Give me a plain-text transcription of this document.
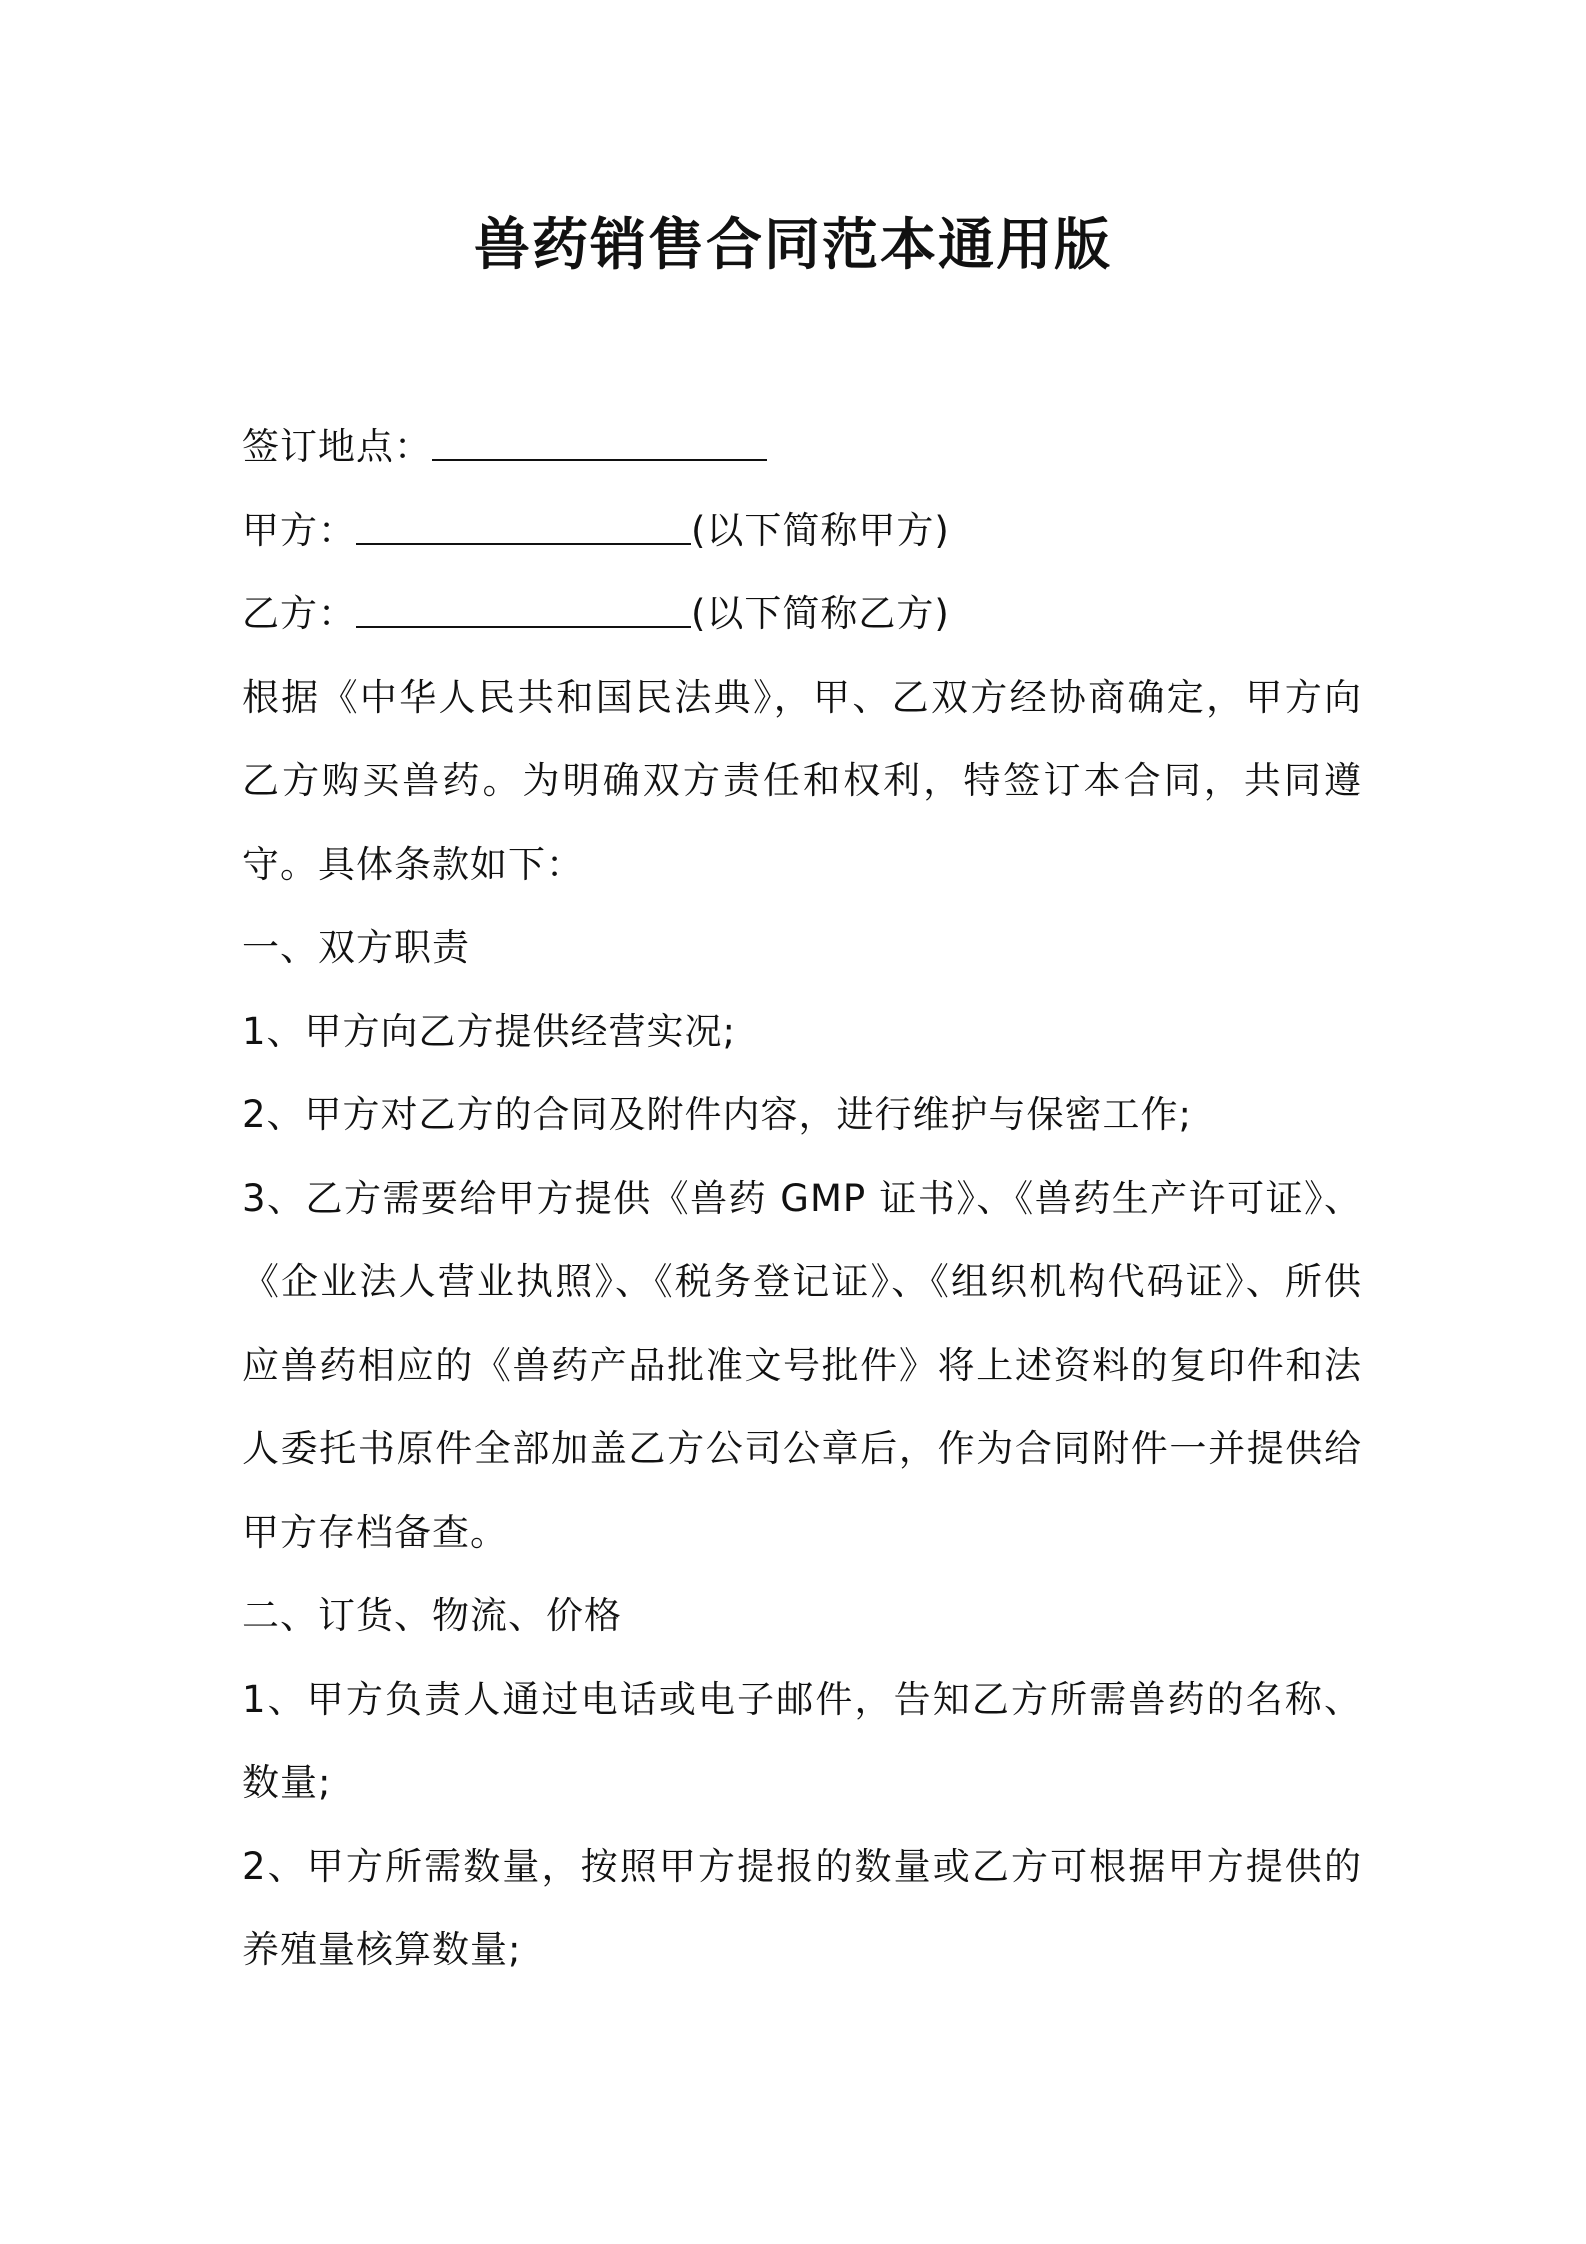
兽药销售合同范本通用版

签订地点：

甲方：	(以下简称甲方)

乙方：	(以下简称乙方)

根据《中华人民共和国民法典》，甲、乙双方经协商确定，甲方向乙方购买兽药。为明确双方责任和权利，特签订本合同，共同遵守。具体条款如下：

一、双方职责

1、甲方向乙方提供经营实况;

2、甲方对乙方的合同及附件内容，进行维护与保密工作;

3、乙方需要给甲方提供《兽药 GMP 证书》、《兽药生产许可证》、《企业法人营业执照》、《税务登记证》、《组织机构代码证》、所供应兽药相应的《兽药产品批准文号批件》将上述资料的复印件和法人委托书原件全部加盖乙方公司公章后，作为合同附件一并提供给甲方存档备查。

二、订货、物流、价格

1、甲方负责人通过电话或电子邮件，告知乙方所需兽药的名称、数量;

2、甲方所需数量，按照甲方提报的数量或乙方可根据甲方提供的养殖量核算数量;
